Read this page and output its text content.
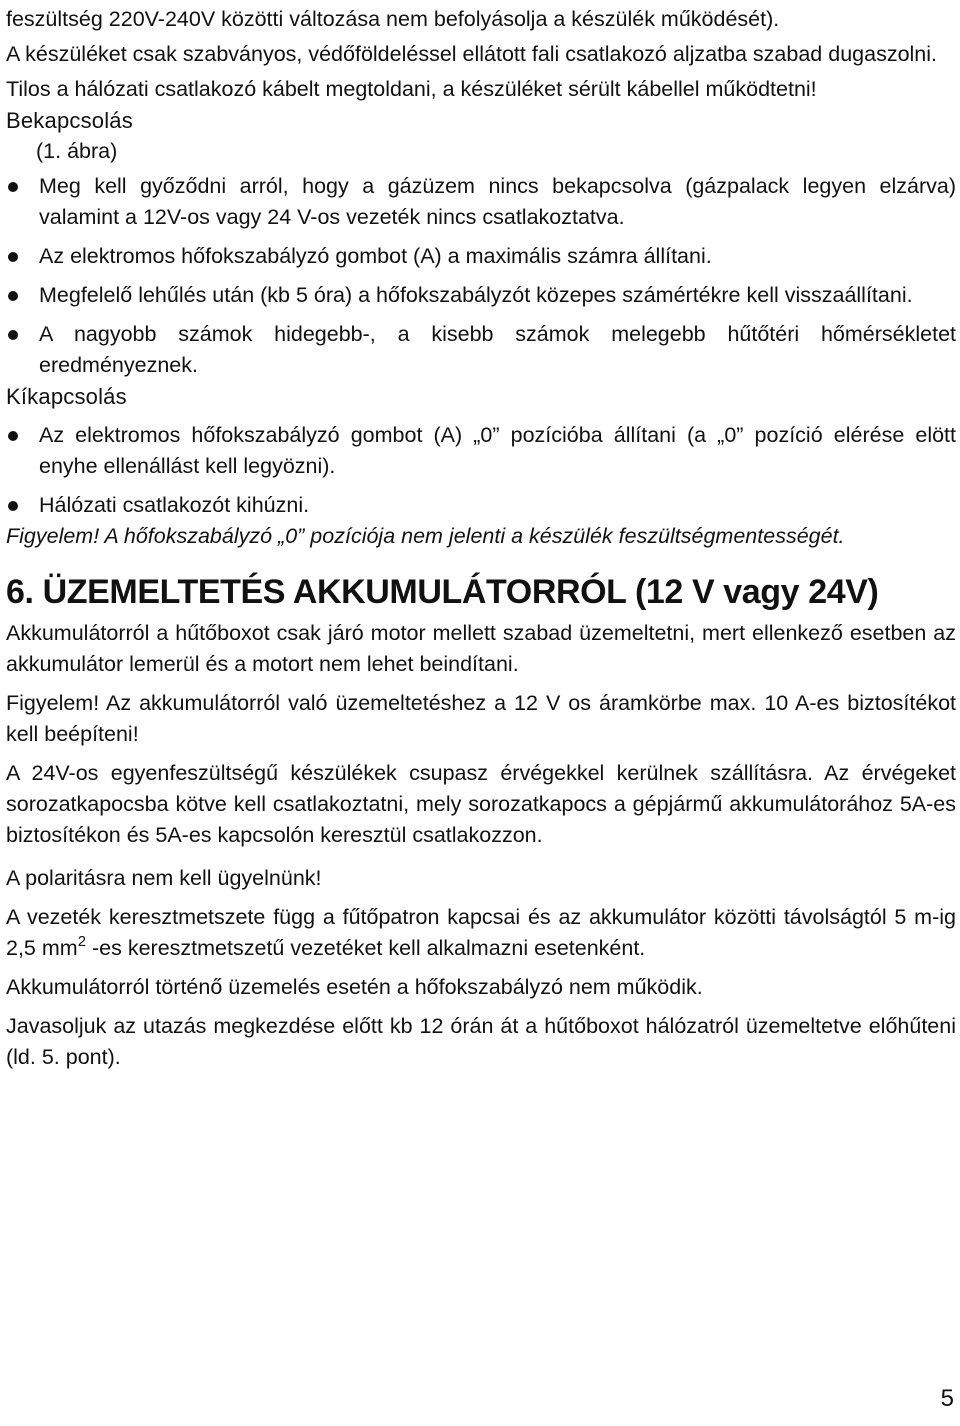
feszültség 220V-240V közötti változása nem befolyásolja a készülék működését).

A készüléket csak szabványos, védőföldeléssel ellátott fali csatlakozó aljzatba szabad dugaszolni.

Tilos a hálózati csatlakozó kábelt megtoldani, a készüléket sérült kábellel működtetni!

Bekapcsolás

(1. ábra)

Meg kell győződni arról, hogy a gázüzem nincs bekapcsolva (gázpalack legyen elzárva) valamint a 12V-os vagy 24 V-os vezeték nincs csatlakoztatva.
Az elektromos hőfokszabályzó gombot (A) a maximális számra állítani.
Megfelelő lehűlés után (kb 5 óra) a hőfokszabályzót közepes számértékre kell visszaállítani.
A nagyobb számok hidegebb-, a kisebb számok melegebb hűtőtéri hőmérsékletet eredményeznek.
Kíkapcsolás
Az elektromos hőfokszabályzó gombot (A) „0” pozícióba állítani (a „0” pozíció elérése elött enyhe ellenállást kell legyözni).
Hálózati csatlakozót kihúzni.

Figyelem! A hőfokszabályzó „0” pozíciója nem jelenti a készülék feszültségmentességét.

6. ÜZEMELTETÉS AKKUMULÁTORRÓL (12 V vagy 24V)

Akkumulátorról a hűtőboxot csak járó motor mellett szabad üzemeltetni, mert ellenkező esetben az akkumulátor lemerül és a motort nem lehet beindítani.

Figyelem! Az akkumulátorról való üzemeltetéshez a 12 V os áramkörbe max. 10 A-es biztosítékot kell beépíteni!

A 24V-os egyenfeszültségű készülékek csupasz érvégekkel kerülnek szállításra. Az érvégeket sorozatkapocsba kötve kell csatlakoztatni, mely sorozatkapocs a gépjármű akkumulátorához 5A-es biztosítékon és 5A-es kapcsolón keresztül csatlakozzon.

A polaritásra nem kell ügyelnünk!

A vezeték keresztmetszete függ a fűtőpatron kapcsai és az akkumulátor közötti távolságtól 5 m-ig 2,5 $mm^2$ -es keresztmetszetű vezetéket kell alkalmazni esetenként.

Akkumulátorról történő üzemelés esetén a hőfokszabályzó nem működik.

Javasoljuk az utazás megkezdése előtt kb 12 órán át a hűtőboxot hálózatról üzemeltetve előhűteni (ld. 5. pont).

5
